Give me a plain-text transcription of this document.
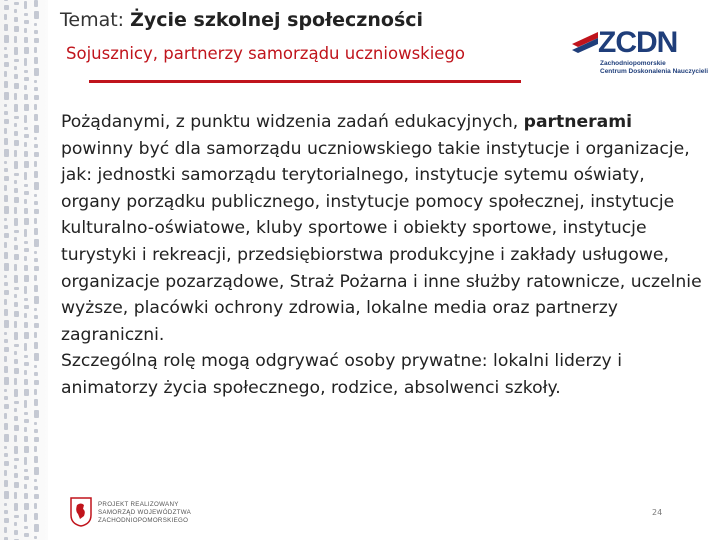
Temat: Życie szkolnej społeczności
Sojusznicy, partnerzy samorządu uczniowskiego	ZCDN
Zachodniopomorskie
Centrum Doskonalenia Nauczycieli

Pożądanymi, z punktu widzenia zadań edukacyjnych, partnerami powinny być dla samorządu uczniowskiego takie instytucje i organizacje, jak: jednostki samorządu terytorialnego, instytucje sytemu oświaty, organy porządku publicznego, instytucje pomocy społecznej, instytucje kulturalno-oświatowe, kluby sportowe i obiekty sportowe, instytucje turystyki i rekreacji, przedsiębiorstwa produkcyjne i zakłady usługowe, organizacje pozarządowe, Straż Pożarna i inne służby ratownicze, uczelnie wyższe, placówki ochrony zdrowia, lokalne media oraz partnerzy zagraniczni.

Szczególną rolę mogą odgrywać osoby prywatne: lokalni liderzy i animatorzy życia społecznego, rodzice, absolwenci szkoły.

PROJEKT REALIZOWANY
SAMORZĄD WOJEWÓDZTWA
ZACHODNIOPOMORSKIEGO
24
